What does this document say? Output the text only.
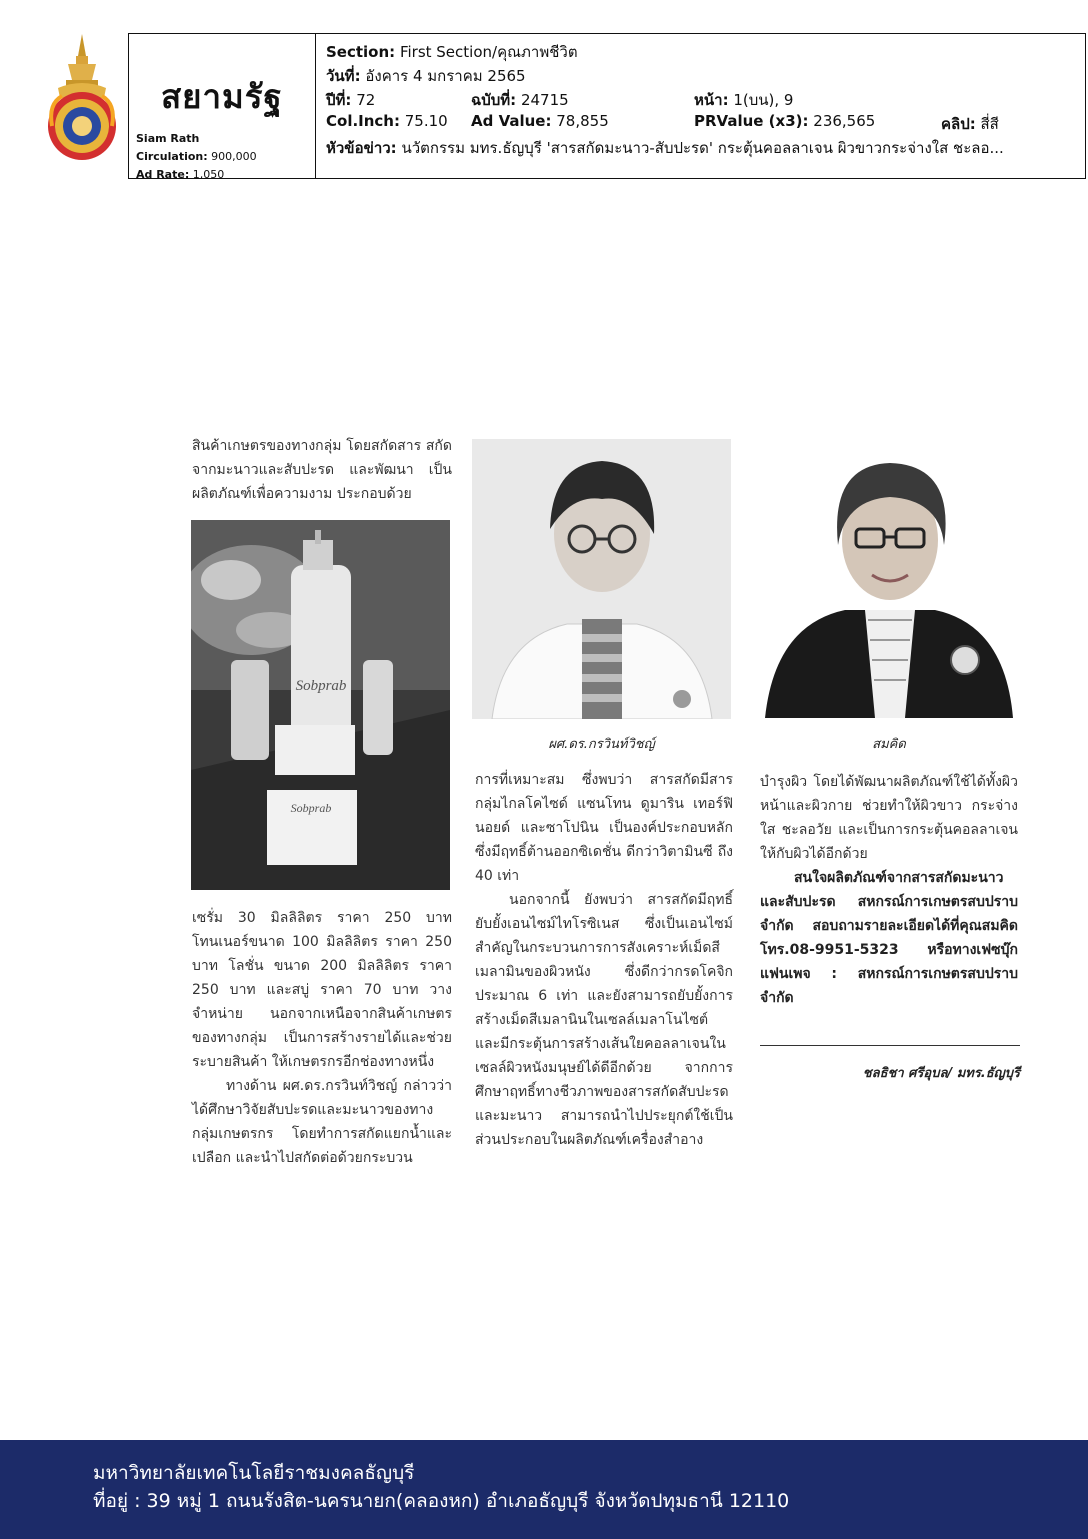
สยามรัฐ
Siam Rath
Circulation: 900,000
Ad Rate: 1,050
Section: First Section/คุณภาพชีวิต
วันที่: อังคาร 4 มกราคม 2565
ปีที่: 72	ฉบับที่: 24715	หน้า: 1(บน), 9
Col.Inch: 75.10 Ad Value: 78,855	PRValue (x3): 236,565	คลิป: สี่สี
หัวข้อข่าว: นวัตกรรม มทร.ธัญบุรี 'สารสกัดมะนาว-สับปะรด' กระตุ้นคอลลาเจน ผิวขาวกระจ่างใส ชะลอ...

สินค้าเกษตรของทางกลุ่ม โดยสกัดสาร สกัดจากมะนาวและสับปะรด และพัฒนา เป็นผลิตภัณฑ์เพื่อความงาม ประกอบด้วย

Sobprab
Sobprab

เซรั่ม 30 มิลลิลิตร ราคา 250 บาท โทนเนอร์ขนาด 100 มิลลิลิตร ราคา 250 บาท โลชั่น ขนาด 200 มิลลิลิตร ราคา 250 บาท และสบู่ ราคา 70 บาท วางจำหน่าย นอกจากเหนือจากสินค้าเกษตรของทางกลุ่ม เป็นการสร้างรายได้และช่วยระบายสินค้า ให้เกษตรกรอีกช่องทางหนึ่ง

ทางด้าน ผศ.ดร.กรวินท์วิชญ์ กล่าวว่า ได้ศึกษาวิจัยสับปะรดและมะนาวของทางกลุ่มเกษตรกร โดยทำการสกัดแยกน้ำและเปลือก และนำไปสกัดต่อด้วยกระบวน

ผศ.ดร.กรวินท์วิชญ์

การที่เหมาะสม ซึ่งพบว่า สารสกัดมีสารกลุ่มไกลโคไซด์ แซนโทน ดูมาริน เทอร์ฟินอยด์ และซาโปนิน เป็นองค์ประกอบหลัก ซึ่งมีฤทธิ์ต้านออกซิเดชั่น ดีกว่าวิตามินซี ถึง 40 เท่า

นอกจากนี้ ยังพบว่า สารสกัดมีฤทธิ์ยับยั้งเอนไซม์ไทโรซิเนส ซึ่งเป็นเอนไซม์สำคัญในกระบวนการการสังเคราะห์เม็ดสีเมลามินของผิวหนัง ซึ่งดีกว่ากรดโคจิก ประมาณ 6 เท่า และยังสามารถยับยั้งการสร้างเม็ดสีเมลานินในเซลล์เมลาโนไซต์ และมีกระตุ้นการสร้างเส้นใยคอลลาเจนในเซลล์ผิวหนังมนุษย์ได้ดีอีกด้วย จากการศึกษาฤทธิ์ทางชีวภาพของสารสกัดสับปะรด และมะนาว สามารถนำไปประยุกต์ใช้เป็นส่วนประกอบในผลิตภัณฑ์เครื่องสำอาง

สมคิด

บำรุงผิว โดยได้พัฒนาผลิตภัณฑ์ใช้ได้ทั้งผิวหน้าและผิวกาย ช่วยทำให้ผิวขาว กระจ่างใส ชะลอวัย และเป็นการกระตุ้นคอลลาเจนให้กับผิวได้อีกด้วย

สนใจผลิตภัณฑ์จากสารสกัดมะนาวและสับปะรด สหกรณ์การเกษตรสบปราบ จำกัด สอบถามรายละเอียดได้ที่คุณสมคิด โทร.08-9951-5323 หรือทางเฟซบุ๊กแฟนเพจ : สหกรณ์การเกษตรสบปราบ จำกัด

ชลธิชา ศรีอุบล/ มทร.ธัญบุรี
มหาวิทยาลัยเทคโนโลยีราชมงคลธัญบุรี
ที่อยู่ : 39 หมู่ 1 ถนนรังสิต-นครนายก(คลองหก) อำเภอธัญบุรี จังหวัดปทุมธานี 12110
